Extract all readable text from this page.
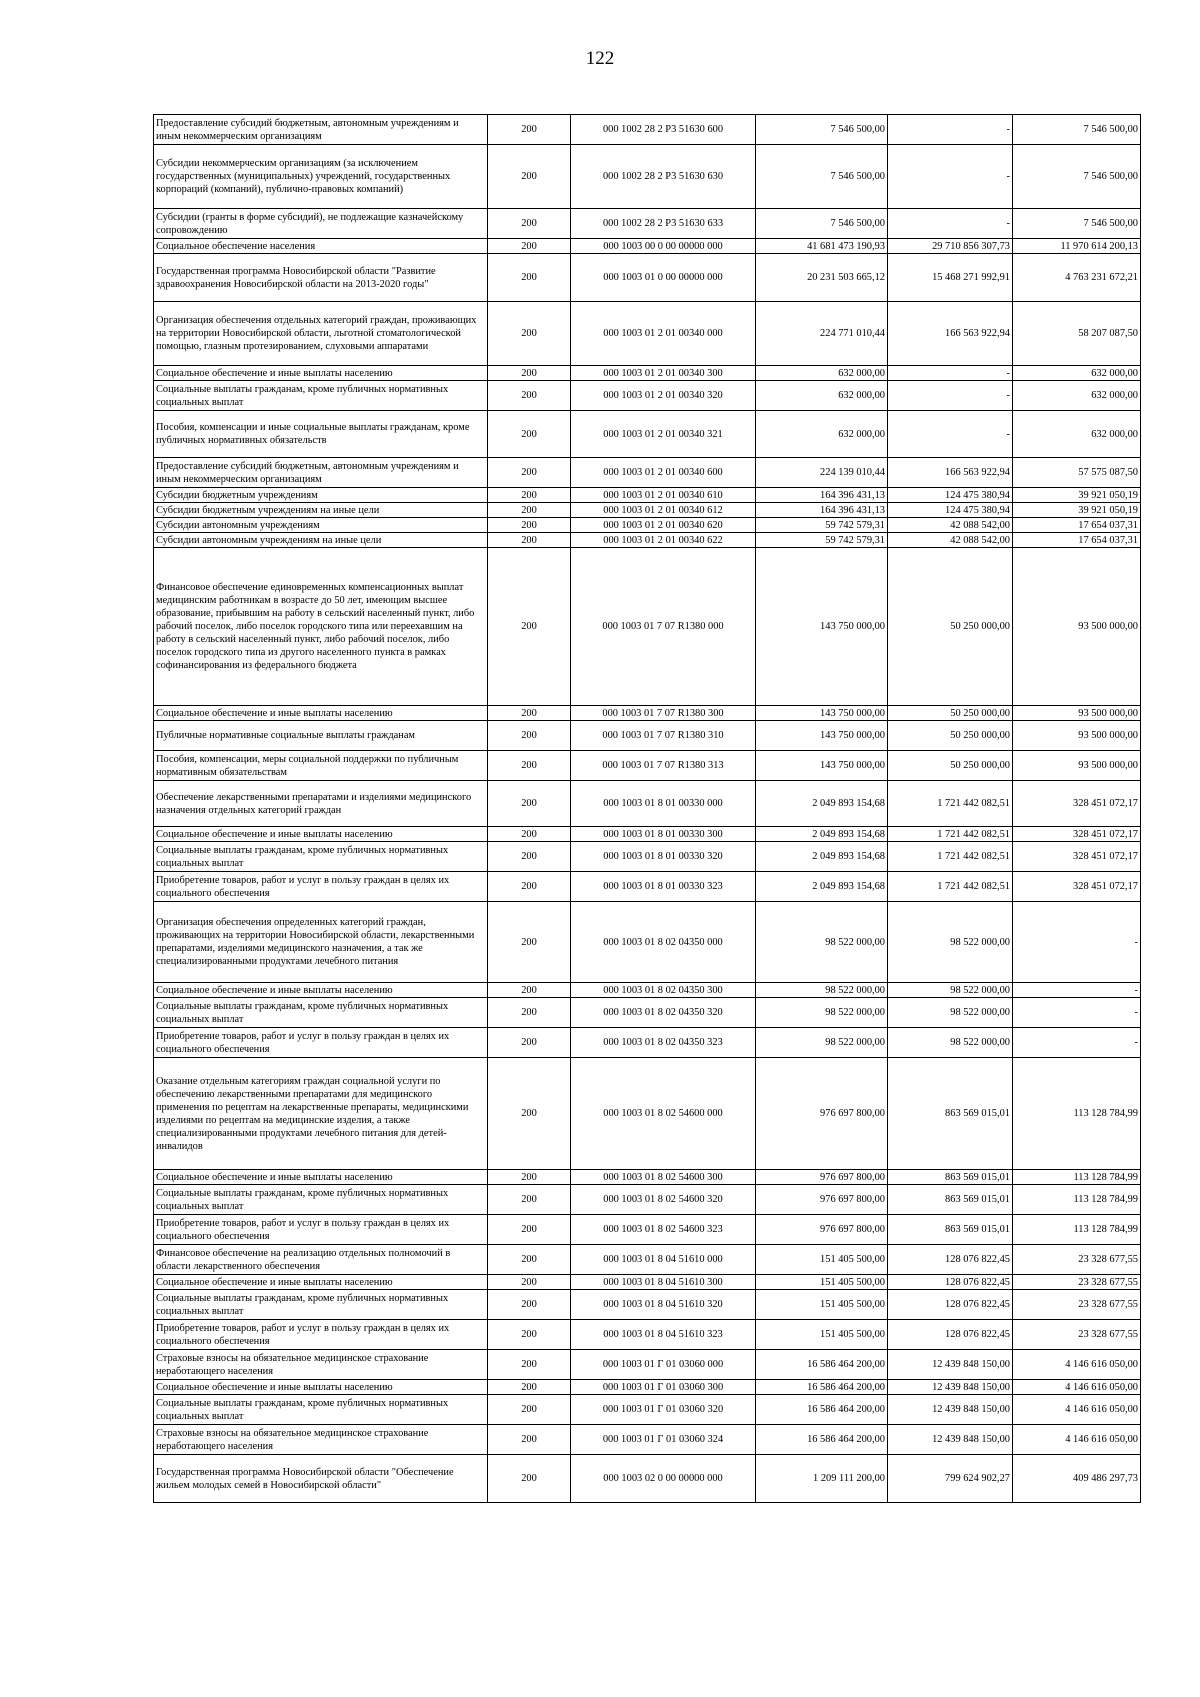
122
Предоставление субсидий бюджетным, автономным учреждениям и иным некоммерческим организациям	200	000 1002 28 2 P3 51630 600	7 546 500,00	-	7 546 500,00
Субсидии некоммерческим организациям (за исключением государственных (муниципальных) учреждений, государственных корпораций (компаний), публично-правовых компаний)	200	000 1002 28 2 P3 51630 630	7 546 500,00	-	7 546 500,00
Субсидии (гранты в форме субсидий), не подлежащие казначейскому сопровождению	200	000 1002 28 2 P3 51630 633	7 546 500,00	-	7 546 500,00
Социальное обеспечение населения	200	000 1003 00 0 00 00000 000	41 681 473 190,93	29 710 856 307,73	11 970 614 200,13
Государственная программа Новосибирской области "Развитие здравоохранения Новосибирской области на 2013-2020 годы"	200	000 1003 01 0 00 00000 000	20 231 503 665,12	15 468 271 992,91	4 763 231 672,21
Организация обеспечения отдельных категорий граждан, проживающих на территории Новосибирской области, льготной стоматологической помощью, глазным протезированием, слуховыми аппаратами	200	000 1003 01 2 01 00340 000	224 771 010,44	166 563 922,94	58 207 087,50
Социальное обеспечение и иные выплаты населению	200	000 1003 01 2 01 00340 300	632 000,00	-	632 000,00
Социальные выплаты гражданам, кроме публичных нормативных социальных выплат	200	000 1003 01 2 01 00340 320	632 000,00	-	632 000,00
Пособия, компенсации и иные социальные выплаты гражданам, кроме публичных нормативных обязательств	200	000 1003 01 2 01 00340 321	632 000,00	-	632 000,00
Предоставление субсидий бюджетным, автономным учреждениям и иным некоммерческим организациям	200	000 1003 01 2 01 00340 600	224 139 010,44	166 563 922,94	57 575 087,50
Субсидии бюджетным учреждениям	200	000 1003 01 2 01 00340 610	164 396 431,13	124 475 380,94	39 921 050,19
Субсидии бюджетным учреждениям на иные цели	200	000 1003 01 2 01 00340 612	164 396 431,13	124 475 380,94	39 921 050,19
Субсидии автономным учреждениям	200	000 1003 01 2 01 00340 620	59 742 579,31	42 088 542,00	17 654 037,31
Субсидии автономным учреждениям на иные цели	200	000 1003 01 2 01 00340 622	59 742 579,31	42 088 542,00	17 654 037,31
Финансовое обеспечение единовременных компенсационных выплат медицинским работникам в возрасте до 50 лет, имеющим высшее образование, прибывшим на работу в сельский населенный пункт, либо рабочий поселок, либо поселок городского типа или переехавшим на работу в сельский населенный пункт, либо рабочий поселок, либо поселок городского типа из другого населенного пункта в рамках софинансирования из федерального бюджета	200	000 1003 01 7 07 R1380 000	143 750 000,00	50 250 000,00	93 500 000,00
Социальное обеспечение и иные выплаты населению	200	000 1003 01 7 07 R1380 300	143 750 000,00	50 250 000,00	93 500 000,00
Публичные нормативные социальные выплаты гражданам	200	000 1003 01 7 07 R1380 310	143 750 000,00	50 250 000,00	93 500 000,00
Пособия, компенсации, меры социальной поддержки по публичным нормативным обязательствам	200	000 1003 01 7 07 R1380 313	143 750 000,00	50 250 000,00	93 500 000,00
Обеспечение лекарственными препаратами и изделиями медицинского назначения отдельных категорий граждан	200	000 1003 01 8 01 00330 000	2 049 893 154,68	1 721 442 082,51	328 451 072,17
Социальное обеспечение и иные выплаты населению	200	000 1003 01 8 01 00330 300	2 049 893 154,68	1 721 442 082,51	328 451 072,17
Социальные выплаты гражданам, кроме публичных нормативных социальных выплат	200	000 1003 01 8 01 00330 320	2 049 893 154,68	1 721 442 082,51	328 451 072,17
Приобретение товаров, работ и услуг в пользу граждан в целях их социального обеспечения	200	000 1003 01 8 01 00330 323	2 049 893 154,68	1 721 442 082,51	328 451 072,17
Организация обеспечения определенных категорий граждан, проживающих на территории Новосибирской области, лекарственными препаратами, изделиями медицинского назначения, а так же специализированными продуктами лечебного питания	200	000 1003 01 8 02 04350 000	98 522 000,00	98 522 000,00	-
Социальное обеспечение и иные выплаты населению	200	000 1003 01 8 02 04350 300	98 522 000,00	98 522 000,00	-
Социальные выплаты гражданам, кроме публичных нормативных социальных выплат	200	000 1003 01 8 02 04350 320	98 522 000,00	98 522 000,00	-
Приобретение товаров, работ и услуг в пользу граждан в целях их социального обеспечения	200	000 1003 01 8 02 04350 323	98 522 000,00	98 522 000,00	-
Оказание отдельным категориям граждан социальной услуги по обеспечению лекарственными препаратами для медицинского применения по рецептам на лекарственные препараты, медицинскими изделиями по рецептам на медицинские изделия, а также специализированными продуктами лечебного питания для детей-инвалидов	200	000 1003 01 8 02 54600 000	976 697 800,00	863 569 015,01	113 128 784,99
Социальное обеспечение и иные выплаты населению	200	000 1003 01 8 02 54600 300	976 697 800,00	863 569 015,01	113 128 784,99
Социальные выплаты гражданам, кроме публичных нормативных социальных выплат	200	000 1003 01 8 02 54600 320	976 697 800,00	863 569 015,01	113 128 784,99
Приобретение товаров, работ и услуг в пользу граждан в целях их социального обеспечения	200	000 1003 01 8 02 54600 323	976 697 800,00	863 569 015,01	113 128 784,99
Финансовое обеспечение на реализацию отдельных полномочий в области лекарственного обеспечения	200	000 1003 01 8 04 51610 000	151 405 500,00	128 076 822,45	23 328 677,55
Социальное обеспечение и иные выплаты населению	200	000 1003 01 8 04 51610 300	151 405 500,00	128 076 822,45	23 328 677,55
Социальные выплаты гражданам, кроме публичных нормативных социальных выплат	200	000 1003 01 8 04 51610 320	151 405 500,00	128 076 822,45	23 328 677,55
Приобретение товаров, работ и услуг в пользу граждан в целях их социального обеспечения	200	000 1003 01 8 04 51610 323	151 405 500,00	128 076 822,45	23 328 677,55
Страховые взносы на обязательное медицинское страхование неработающего населения	200	000 1003 01 Г 01 03060 000	16 586 464 200,00	12 439 848 150,00	4 146 616 050,00
Социальное обеспечение и иные выплаты населению	200	000 1003 01 Г 01 03060 300	16 586 464 200,00	12 439 848 150,00	4 146 616 050,00
Социальные выплаты гражданам, кроме публичных нормативных социальных выплат	200	000 1003 01 Г 01 03060 320	16 586 464 200,00	12 439 848 150,00	4 146 616 050,00
Страховые взносы на обязательное медицинское страхование неработающего населения	200	000 1003 01 Г 01 03060 324	16 586 464 200,00	12 439 848 150,00	4 146 616 050,00
Государственная программа Новосибирской области "Обеспечение жильем молодых семей в Новосибирской области"	200	000 1003 02 0 00 00000 000	1 209 111 200,00	799 624 902,27	409 486 297,73
